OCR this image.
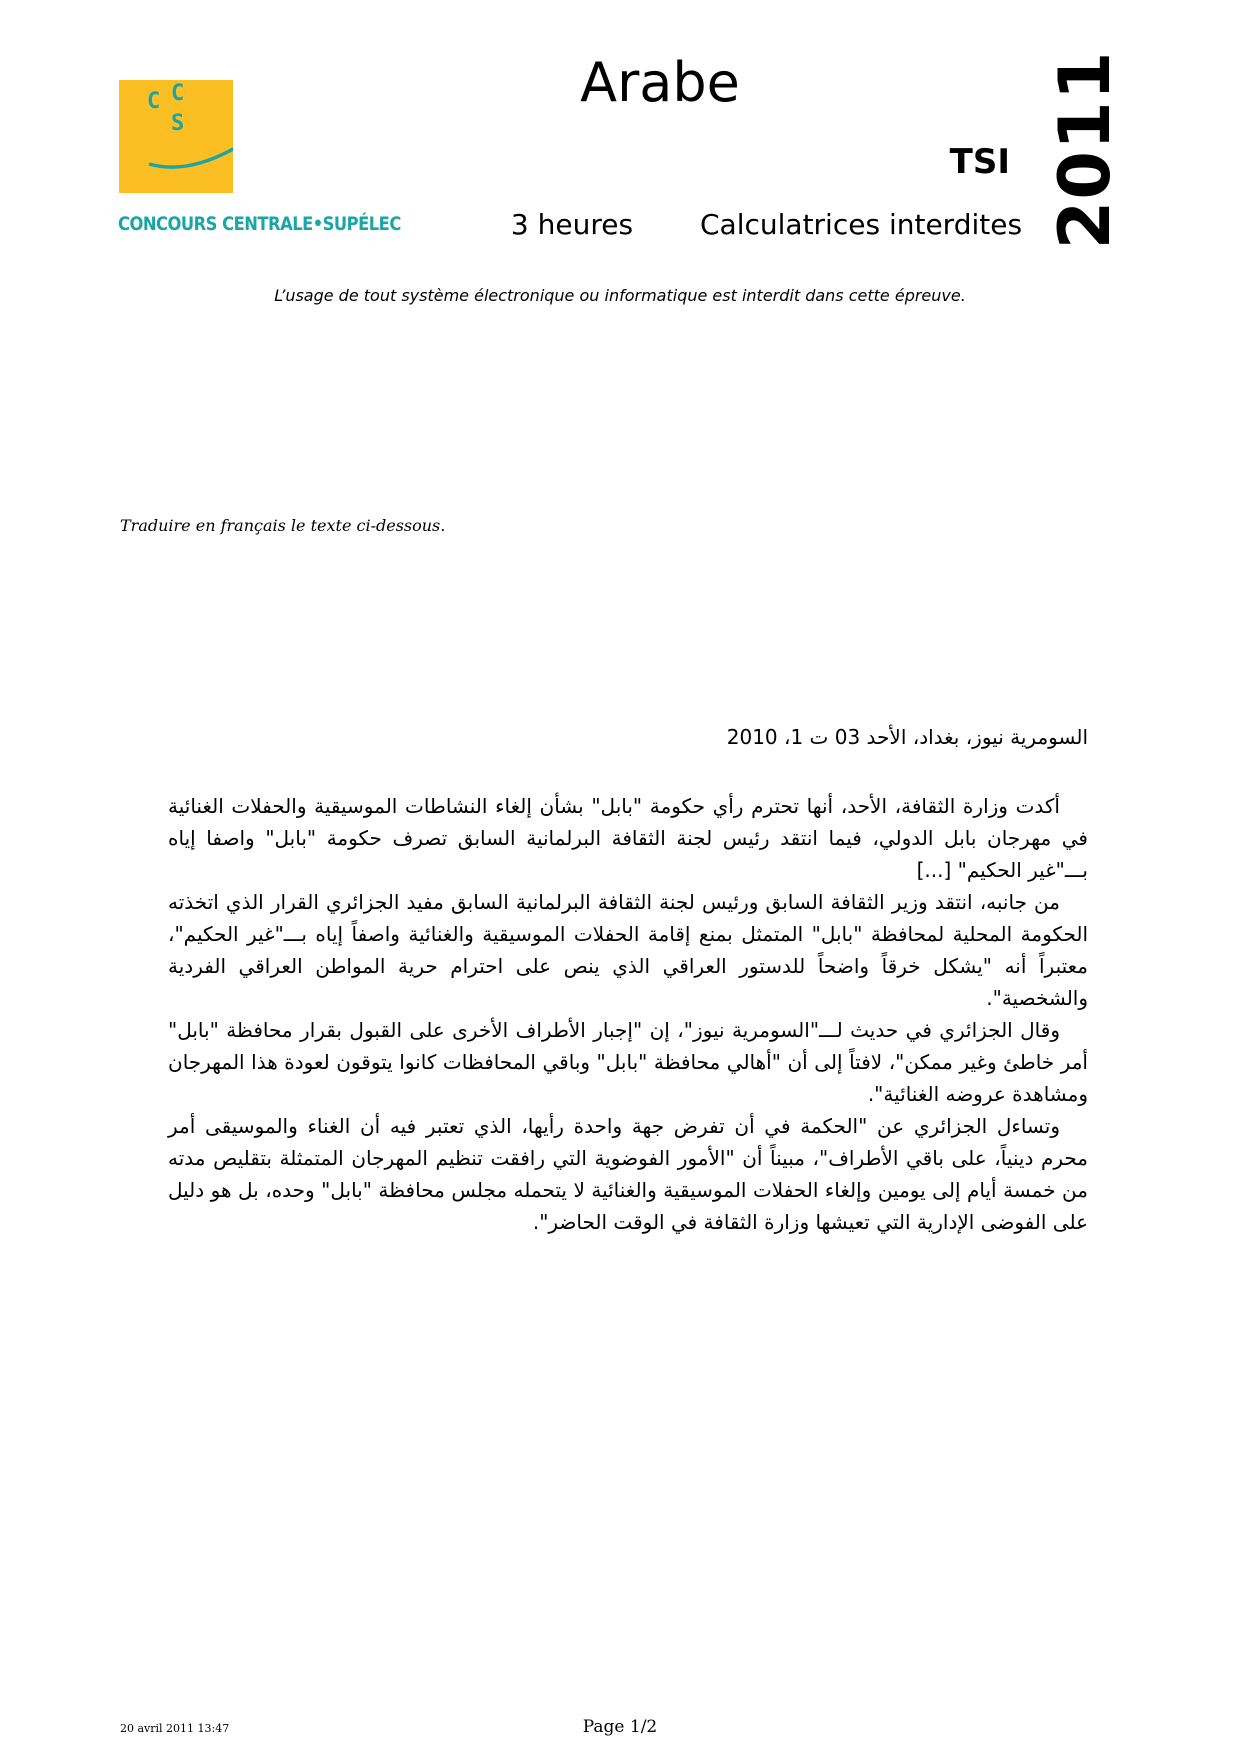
C C
S
CONCOURS CENTRALE•SUPÉLEC
Arabe
TSI 2011
3 heures	Calculatrices interdites
L’usage de tout système électronique ou informatique est interdit dans cette épreuve.
Traduire en français le texte ci-dessous.
السومرية نيوز، بغداد، الأحد 03 ت 1، 2010

أكدت وزارة الثقافة، الأحد، أنها تحترم رأي حكومة "بابل" بشأن إلغاء النشاطات الموسيقية والحفلات الغنائية في مهرجان بابل الدولي، فيما انتقد رئيس لجنة الثقافة البرلمانية السابق تصرف حكومة "بابل" واصفا إياه بـــ"غير الحكيم" [...]

من جانبه، انتقد وزير الثقافة السابق ورئيس لجنة الثقافة البرلمانية السابق مفيد الجزائري القرار الذي اتخذته الحكومة المحلية لمحافظة "بابل" المتمثل بمنع إقامة الحفلات الموسيقية والغنائية واصفاً إياه بـــ"غير الحكيم"، معتبراً أنه "يشكل خرقاً واضحاً للدستور العراقي الذي ينص على احترام حرية المواطن العراقي الفردية والشخصية".

وقال الجزائري في حديث لـــ"السومرية نيوز"، إن "إجبار الأطراف الأخرى على القبول بقرار محافظة "بابل" أمر خاطئ وغير ممكن"، لافتاً إلى أن "أهالي محافظة "بابل" وباقي المحافظات كانوا يتوقون لعودة هذا المهرجان ومشاهدة عروضه الغنائية".

وتساءل الجزائري عن "الحكمة في أن تفرض جهة واحدة رأيها، الذي تعتبر فيه أن الغناء والموسيقى أمر محرم دينياً، على باقي الأطراف"، مبيناً أن "الأمور الفوضوية التي رافقت تنظيم المهرجان المتمثلة بتقليص مدته من خمسة أيام إلى يومين وإلغاء الحفلات الموسيقية والغنائية لا يتحمله مجلس محافظة "بابل" وحده، بل هو دليل على الفوضى الإدارية التي تعيشها وزارة الثقافة في الوقت الحاضر".

20 avril 2011 13:47	Page 1/2
